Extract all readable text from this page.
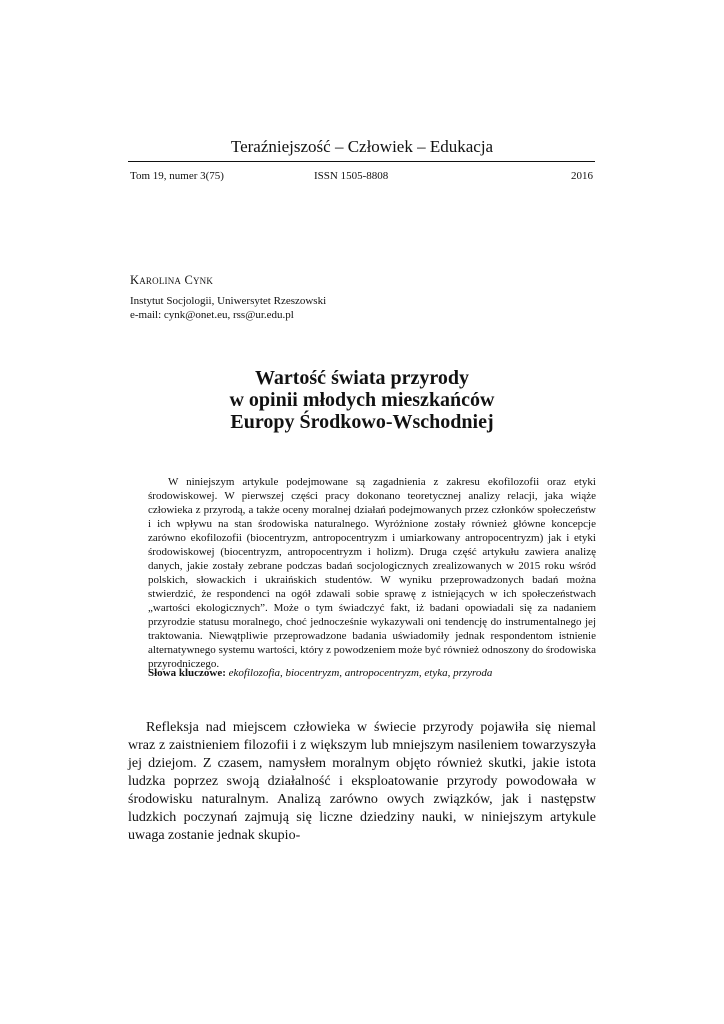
Teraźniejszość – Człowiek – Edukacja
Tom 19, numer 3(75)	ISSN 1505-8808	2016
Karolina Cynk
Instytut Socjologii, Uniwersytet Rzeszowski
e-mail: cynk@onet.eu, rss@ur.edu.pl
Wartość świata przyrody
w opinii młodych mieszkańców
Europy Środkowo-Wschodniej

W niniejszym artykule podejmowane są zagadnienia z zakresu ekofilozofii oraz etyki środowiskowej. W pierwszej części pracy dokonano teoretycznej analizy relacji, jaka wiąże człowieka z przyrodą, a także oceny moralnej działań podejmowanych przez członków społeczeństw i ich wpływu na stan środowiska naturalnego. Wyróżnione zostały również główne koncepcje zarówno ekofilozofii (biocentryzm, antropocentryzm i umiarkowany antropocentryzm) jak i etyki środowiskowej (biocentryzm, antropocentryzm i holizm). Druga część artykułu zawiera analizę danych, jakie zostały zebrane podczas badań socjologicznych zrealizowanych w 2015 roku wśród polskich, słowackich i ukraińskich studentów. W wyniku przeprowadzonych badań można stwierdzić, że respondenci na ogół zdawali sobie sprawę z istniejących w ich społeczeństwach „wartości ekologicznych”. Może o tym świadczyć fakt, iż badani opowiadali się za nadaniem przyrodzie statusu moralnego, choć jednocześnie wykazywali oni tendencję do instrumentalnego jej traktowania. Niewątpliwie przeprowadzone badania uświadomiły jednak respondentom istnienie alternatywnego systemu wartości, który z powodzeniem może być również odnoszony do środowiska przyrodniczego.

Słowa kluczowe: ekofilozofia, biocentryzm, antropocentryzm, etyka, przyroda

Refleksja nad miejscem człowieka w świecie przyrody pojawiła się niemal wraz z zaistnieniem filozofii i z większym lub mniejszym nasileniem towarzyszyła jej dziejom. Z czasem, namysłem moralnym objęto również skutki, jakie istota ludzka poprzez swoją działalność i eksploatowanie przyrody powodowała w środowisku naturalnym. Analizą zarówno owych związków, jak i następstw ludzkich poczynań zajmują się liczne dziedziny nauki, w niniejszym artykule uwaga zostanie jednak skupio-
